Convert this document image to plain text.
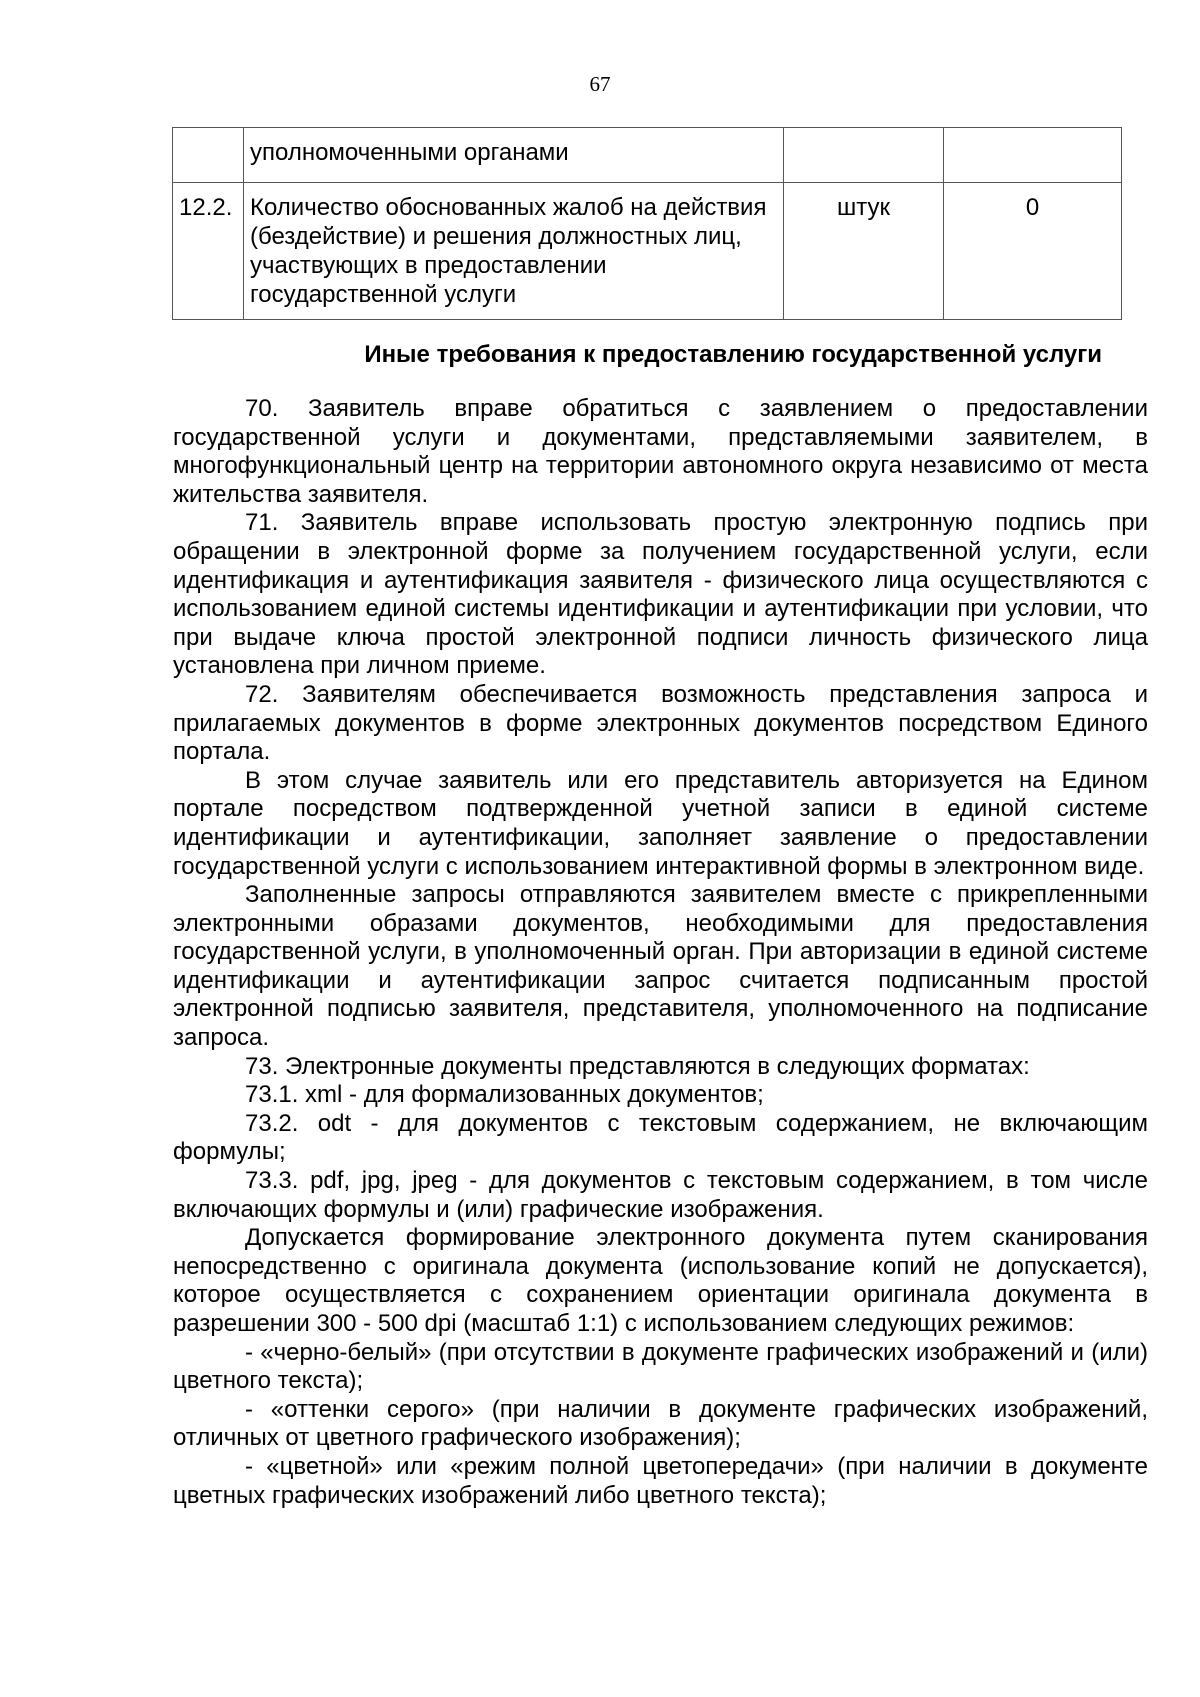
67
	уполномоченными органами		
12.2.	Количество обоснованных жалоб на действия (бездействие) и решения должностных лиц, участвующих в предоставлении государственной услуги	штук	0
Иные требования к предоставлению государственной услуги

70. Заявитель вправе обратиться с заявлением о предоставлении государственной услуги и документами, представляемыми заявителем, в многофункциональный центр на территории автономного округа независимо от места жительства заявителя.

71. Заявитель вправе использовать простую электронную подпись при обращении в электронной форме за получением государственной услуги, если идентификация и аутентификация заявителя - физического лица осуществляются с использованием единой системы идентификации и аутентификации при условии, что при выдаче ключа простой электронной подписи личность физического лица установлена при личном приеме.

72. Заявителям обеспечивается возможность представления запроса и прилагаемых документов в форме электронных документов посредством Единого портала.

В этом случае заявитель или его представитель авторизуется на Едином портале посредством подтвержденной учетной записи в единой системе идентификации и аутентификации, заполняет заявление о предоставлении государственной услуги с использованием интерактивной формы в электронном виде.

Заполненные запросы отправляются заявителем вместе с прикрепленными электронными образами документов, необходимыми для предоставления государственной услуги, в уполномоченный орган. При авторизации в единой системе идентификации и аутентификации запрос считается подписанным простой электронной подписью заявителя, представителя, уполномоченного на подписание запроса.

73. Электронные документы представляются в следующих форматах:

73.1. xml - для формализованных документов;

73.2. odt - для документов с текстовым содержанием, не включающим формулы;

73.3. pdf, jpg, jpeg - для документов с текстовым содержанием, в том числе включающих формулы и (или) графические изображения.

Допускается формирование электронного документа путем сканирования непосредственно с оригинала документа (использование копий не допускается), которое осуществляется с сохранением ориентации оригинала документа в разрешении 300 - 500 dpi (масштаб 1:1) с использованием следующих режимов:

- «черно-белый» (при отсутствии в документе графических изображений и (или) цветного текста);

- «оттенки серого» (при наличии в документе графических изображений, отличных от цветного графического изображения);

- «цветной» или «режим полной цветопередачи» (при наличии в документе цветных графических изображений либо цветного текста);
